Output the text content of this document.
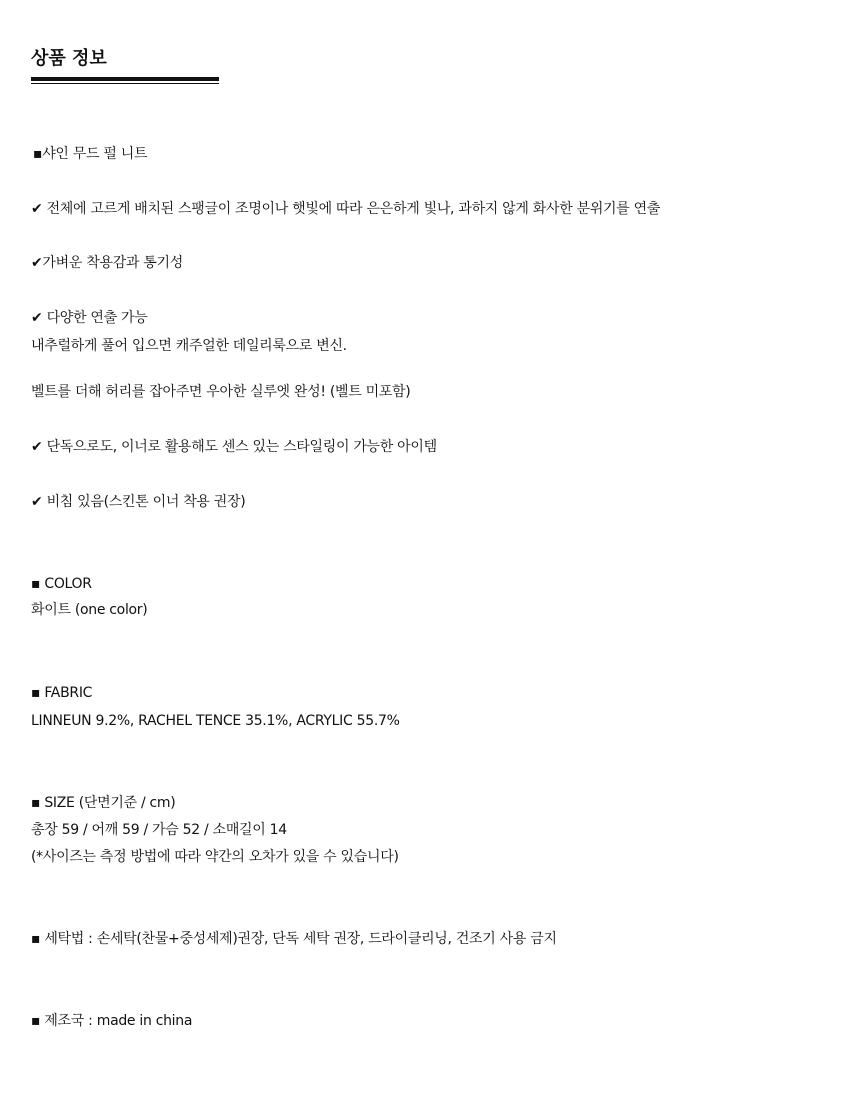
상품 정보
▪샤인 무드 펄 니트
✔ 전체에 고르게 배치된 스팽글이 조명이나 햇빛에 따라 은은하게 빛나, 과하지 않게 화사한 분위기를 연출
✔가벼운 착용감과 통기성
✔ 다양한 연출 가능
내추럴하게 풀어 입으면 캐주얼한 데일리룩으로 변신.
벨트를 더해 허리를 잡아주면 우아한 실루엣 완성! (벨트 미포함)
✔ 단독으로도, 이너로 활용해도 센스 있는 스타일링이 가능한 아이템
✔ 비침 있음(스킨톤 이너 착용 권장)
▪ COLOR
화이트 (one color)
▪ FABRIC
LINNEUN 9.2%, RACHEL TENCE 35.1%, ACRYLIC 55.7%
▪ SIZE (단면기준 / cm)
총장 59 / 어깨 59 / 가슴 52 / 소매길이 14
(*사이즈는 측정 방법에 따라 약간의 오차가 있을 수 있습니다)
▪ 세탁법 : 손세탁(찬물+중성세제)권장, 단독 세탁 권장, 드라이클리닝, 건조기 사용 금지
▪ 제조국 : made in china
